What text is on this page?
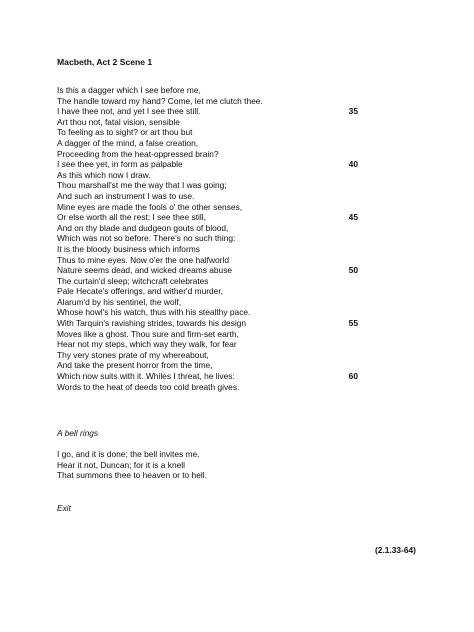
Macbeth, Act 2 Scene 1
Is this a dagger which I see before me,
The handle toward my hand? Come, let me clutch thee.
I have thee not, and yet I see thee still.	35
Art thou not, fatal vision, sensible
To feeling as to sight? or art thou but
A dagger of the mind, a false creation,
Proceeding from the heat-oppressed brain?
I see thee yet, in form as palpable	40
As this which now I draw.
Thou marshall'st me the way that I was going;
And such an instrument I was to use.
Mine eyes are made the fools o' the other senses,
Or else worth all the rest; I see thee still,	45
And on thy blade and dudgeon gouts of blood,
Which was not so before. There's no such thing:
It is the bloody business which informs
Thus to mine eyes. Now o'er the one halfworld
Nature seems dead, and wicked dreams abuse	50
The curtain'd sleep; witchcraft celebrates
Pale Hecate's offerings, and wither'd murder,
Alarum'd by his sentinel, the wolf,
Whose howl's his watch, thus with his stealthy pace.
With Tarquin's ravishing strides, towards his design	55
Moves like a ghost. Thou sure and firm-set earth,
Hear not my steps, which way they walk, for fear
Thy very stones prate of my whereabout,
And take the present horror from the time,
Which now suits with it. Whiles I threat, he lives:	60
Words to the heat of deeds too cold breath gives.
A bell rings
I go, and it is done; the bell invites me.
Hear it not, Duncan; for it is a knell
That summons thee to heaven or to hell.
Exit
(2.1.33-64)
